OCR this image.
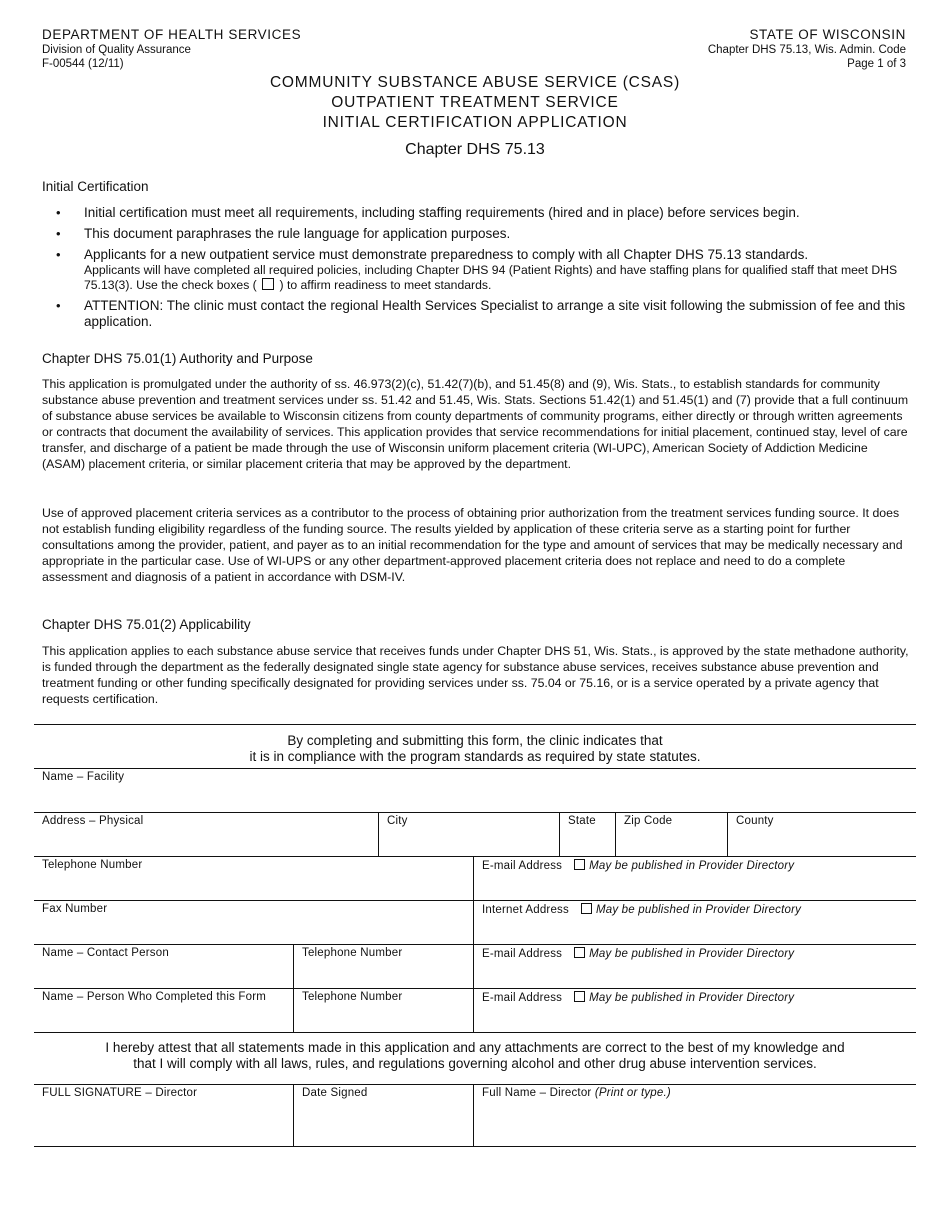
DEPARTMENT OF HEALTH SERVICES
Division of Quality Assurance
F-00544 (12/11)
STATE OF WISCONSIN
Chapter DHS 75.13, Wis. Admin. Code
Page 1 of 3
COMMUNITY SUBSTANCE ABUSE SERVICE (CSAS)
OUTPATIENT TREATMENT SERVICE
INITIAL CERTIFICATION APPLICATION
Chapter DHS 75.13
Initial Certification
• Initial certification must meet all requirements, including staffing requirements (hired and in place) before services begin.
• This document paraphrases the rule language for application purposes.
• Applicants for a new outpatient service must demonstrate preparedness to comply with all Chapter DHS 75.13 standards.
Applicants will have completed all required policies, including Chapter DHS 94 (Patient Rights) and have staffing plans for qualified staff that meet DHS 75.13(3). Use the check boxes ( ) to affirm readiness to meet standards.
• ATTENTION: The clinic must contact the regional Health Services Specialist to arrange a site visit following the submission of fee and this application.
Chapter DHS 75.01(1) Authority and Purpose

This application is promulgated under the authority of ss. 46.973(2)(c), 51.42(7)(b), and 51.45(8) and (9), Wis. Stats., to establish standards for community substance abuse prevention and treatment services under ss. 51.42 and 51.45, Wis. Stats. Sections 51.42(1) and 51.45(1) and (7) provide that a full continuum of substance abuse services be available to Wisconsin citizens from county departments of community programs, either directly or through written agreements or contracts that document the availability of services. This application provides that service recommendations for initial placement, continued stay, level of care transfer, and discharge of a patient be made through the use of Wisconsin uniform placement criteria (WI-UPC), American Society of Addiction Medicine (ASAM) placement criteria, or similar placement criteria that may be approved by the department.

Use of approved placement criteria services as a contributor to the process of obtaining prior authorization from the treatment services funding source. It does not establish funding eligibility regardless of the funding source. The results yielded by application of these criteria serve as a starting point for further consultations among the provider, patient, and payer as to an initial recommendation for the type and amount of services that may be medically necessary and appropriate in the particular case. Use of WI-UPS or any other department-approved placement criteria does not replace and need to do a complete assessment and diagnosis of a patient in accordance with DSM-IV.

Chapter DHS 75.01(2) Applicability

This application applies to each substance abuse service that receives funds under Chapter DHS 51, Wis. Stats., is approved by the state methadone authority, is funded through the department as the federally designated single state agency for substance abuse services, receives substance abuse prevention and treatment funding or other funding specifically designated for providing services under ss. 75.04 or 75.16, or is a service operated by a private agency that requests certification.

By completing and submitting this form, the clinic indicates that
it is in compliance with the program standards as required by state statutes.
Name – Facility
Address – Physical	City	State	Zip Code	County
Telephone Number	E-mail Address May be published in Provider Directory
Fax Number	Internet Address May be published in Provider Directory
Name – Contact Person	Telephone Number	E-mail Address May be published in Provider Directory
Name – Person Who Completed this Form	Telephone Number	E-mail Address May be published in Provider Directory
I hereby attest that all statements made in this application and any attachments are correct to the best of my knowledge and
that I will comply with all laws, rules, and regulations governing alcohol and other drug abuse intervention services.
FULL SIGNATURE – Director	Date Signed	Full Name – Director (Print or type.)
